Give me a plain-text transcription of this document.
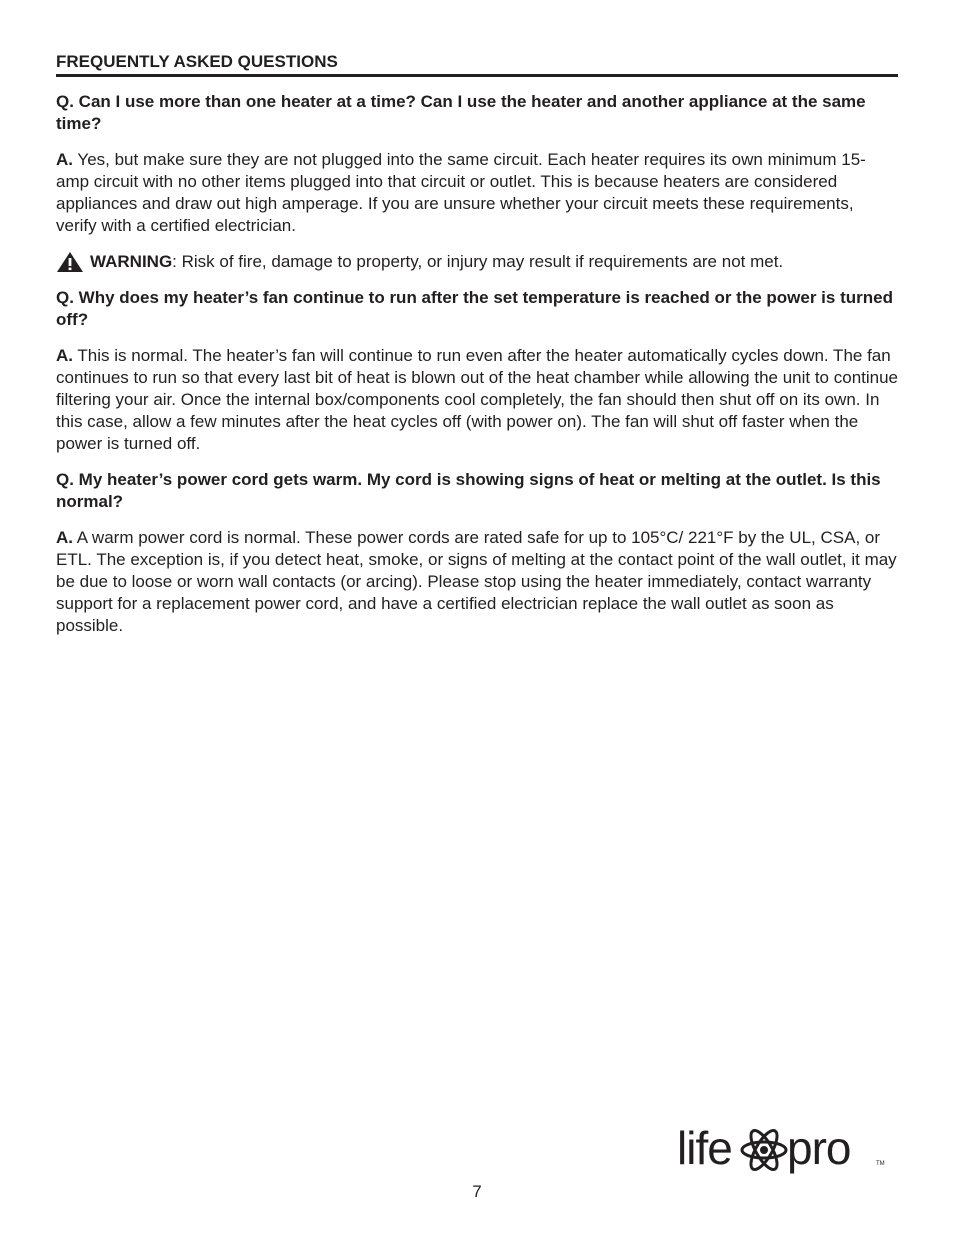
FREQUENTLY ASKED QUESTIONS
Q. Can I use more than one heater at a time? Can I use the heater and another appliance at the same time?
A. Yes, but make sure they are not plugged into the same circuit. Each heater requires its own minimum 15-amp circuit with no other items plugged into that circuit or outlet. This is because heaters are considered appliances and draw out high amperage. If you are unsure whether your circuit meets these requirements, verify with a certified electrician.
WARNING: Risk of fire, damage to property, or injury may result if requirements are not met.
Q. Why does my heater’s fan continue to run after the set temperature is reached or the power is turned off?
A. This is normal. The heater’s fan will continue to run even after the heater automatically cycles down. The fan continues to run so that every last bit of heat is blown out of the heat chamber while allowing the unit to continue filtering your air. Once the internal box/components cool completely, the fan should then shut off on its own. In this case, allow a few minutes after the heat cycles off (with power on). The fan will shut off faster when the power is turned off.
Q. My heater’s power cord gets warm. My cord is showing signs of heat or melting at the outlet. Is this normal?
A. A warm power cord is normal. These power cords are rated safe for up to 105°C/ 221°F by the UL, CSA, or ETL. The exception is, if you detect heat, smoke, or signs of melting at the contact point of the wall outlet, it may be due to loose or worn wall contacts (or arcing). Please stop using the heater immediately, contact warranty support for a replacement power cord, and have a certified electrician replace the wall outlet as soon as possible.
life pro	TM
7
